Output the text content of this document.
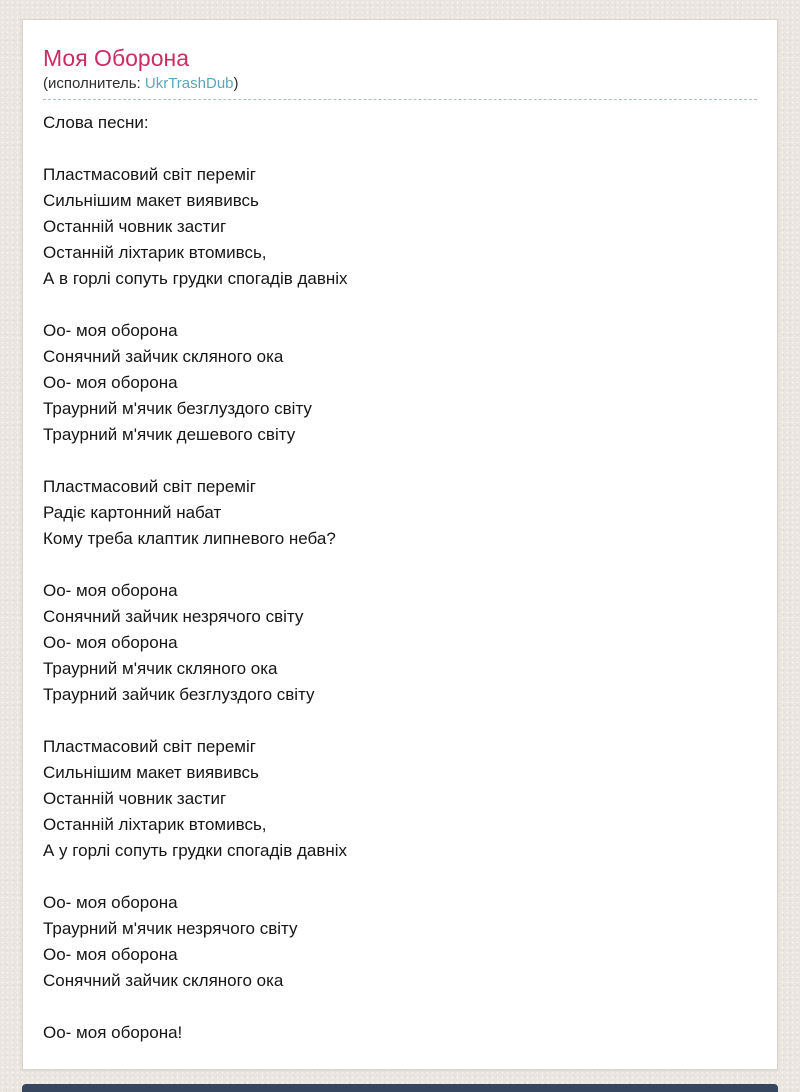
Моя Оборона
(исполнитель: UkrTrashDub)
Слова песни:
Пластмасовий світ переміг
Сильнішим макет виявивсь
Останній човник застиг
Останній ліхтарик втомивсь,
А в горлі сопуть грудки спогадів давніх
Оо- моя оборона
Сонячний зайчик скляного ока
Оо- моя оборона
Траурний м'ячик безглуздого світу
Траурний м'ячик дешевого світу
Пластмасовий світ переміг
Радіє картонний набат
Кому треба клаптик липневого неба?
Оо- моя оборона
Сонячний зайчик незрячого світу
Оо- моя оборона
Траурний м'ячик скляного ока
Траурний зайчик безглуздого світу
Пластмасовий світ переміг
Сильнішим макет виявивсь
Останній човник застиг
Останній ліхтарик втомивсь,
А у горлі сопуть грудки спогадів давніх
Оо- моя оборона
Траурний м'ячик незрячого світу
Оо- моя оборона
Сонячний зайчик скляного ока
Оо- моя оборона!
